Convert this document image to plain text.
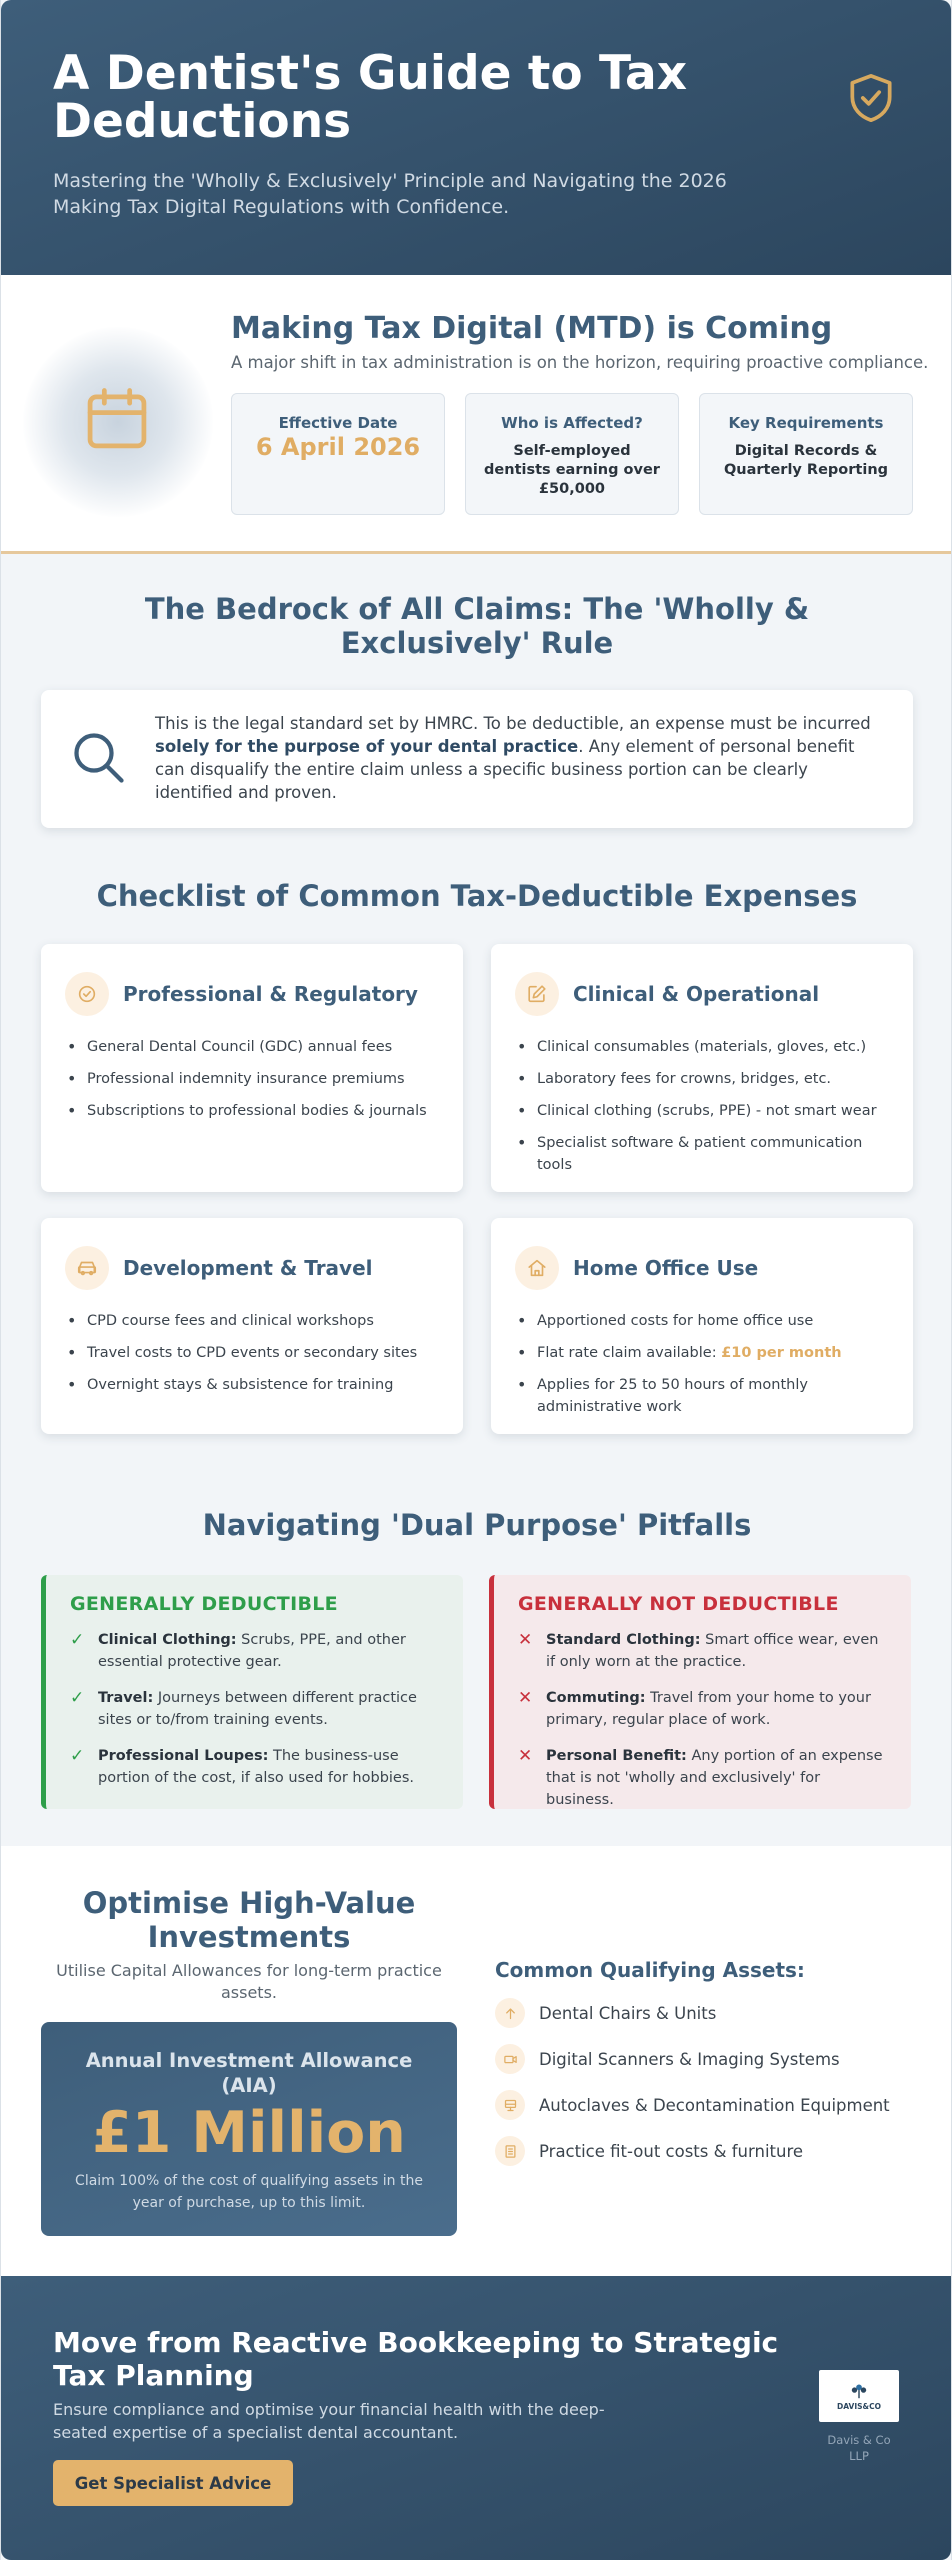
A Dentist's Guide to Tax Deductions

Mastering the 'Wholly & Exclusively' Principle and Navigating the 2026 Making Tax Digital Regulations with Confidence.

Making Tax Digital (MTD) is Coming

A major shift in tax administration is on the horizon, requiring proactive compliance.

Effective Date
6 April 2026
Who is Affected?
Self-employed dentists earning over £50,000
Key Requirements
Digital Records & Quarterly Reporting
The Bedrock of All Claims: The 'Wholly & Exclusively' Rule

This is the legal standard set by HMRC. To be deductible, an expense must be incurred solely for the purpose of your dental practice. Any element of personal benefit can disqualify the entire claim unless a specific business portion can be clearly identified and proven.

Checklist of Common Tax-Deductible Expenses
Professional & Regulatory
• General Dental Council (GDC) annual fees
• Professional indemnity insurance premiums
• Subscriptions to professional bodies & journals
Clinical & Operational
• Clinical consumables (materials, gloves, etc.)
• Laboratory fees for crowns, bridges, etc.
• Clinical clothing (scrubs, PPE) - not smart wear
• Specialist software & patient communication tools
Development & Travel
• CPD course fees and clinical workshops
• Travel costs to CPD events or secondary sites
• Overnight stays & subsistence for training
Home Office Use
• Apportioned costs for home office use
• Flat rate claim available: £10 per month
• Applies for 25 to 50 hours of monthly administrative work
Navigating 'Dual Purpose' Pitfalls
GENERALLY DEDUCTIBLE
✓ Clinical Clothing: Scrubs, PPE, and other essential protective gear.
✓ Travel: Journeys between different practice sites or to/from training events.
✓ Professional Loupes: The business-use portion of the cost, if also used for hobbies.
GENERALLY NOT DEDUCTIBLE
✕ Standard Clothing: Smart office wear, even if only worn at the practice.
✕ Commuting: Travel from your home to your primary, regular place of work.
✕ Personal Benefit: Any portion of an expense that is not 'wholly and exclusively' for business.
Optimise High-Value Investments

Utilise Capital Allowances for long-term practice assets.

Annual Investment Allowance (AIA)
£1 Million
Claim 100% of the cost of qualifying assets in the year of purchase, up to this limit.
Common Qualifying Assets:
Dental Chairs & Units
Digital Scanners & Imaging Systems
Autoclaves & Decontamination Equipment
Practice fit-out costs & furniture
Move from Reactive Bookkeeping to Strategic Tax Planning

Ensure compliance and optimise your financial health with the deep-seated expertise of a specialist dental accountant.

Get Specialist Advice
DAVIS&CO
Davis & Co LLP
